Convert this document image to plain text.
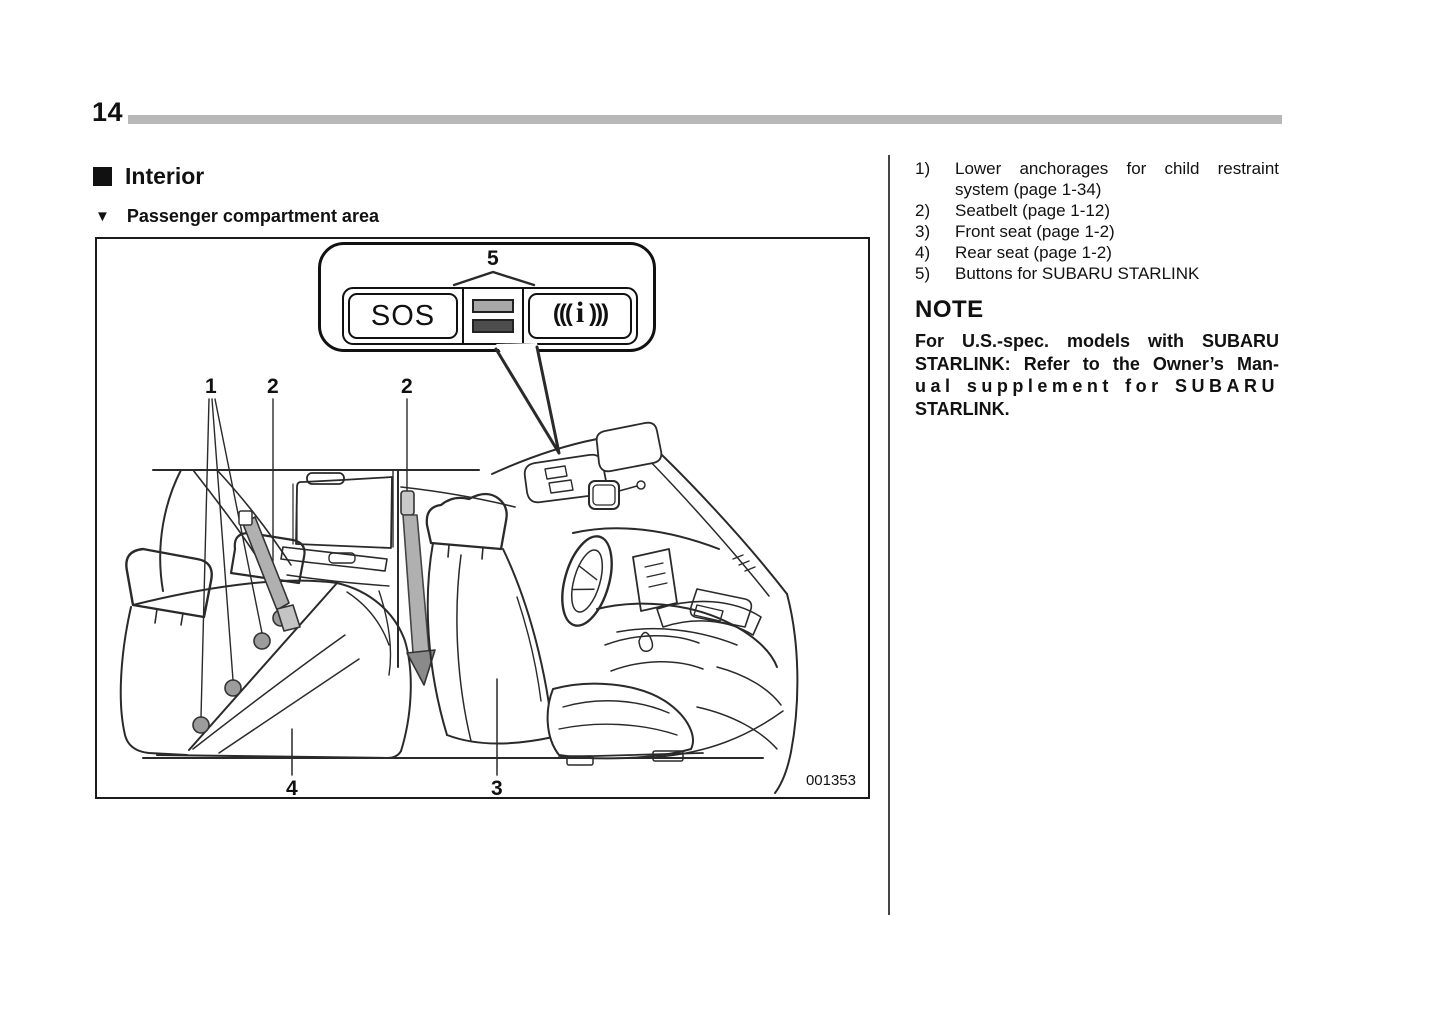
14
Interior
▼ Passenger compartment area
SOS	((( i )))
1 2	2
5
4	3	001353
1)	Lower anchorages for child restraint
system (page 1-34)
2)	Seatbelt (page 1-12)
3)	Front seat (page 1-2)
4)	Rear seat (page 1-2)
5)	Buttons for SUBARU STARLINK
NOTE
For U.S.-spec. models with SUBARU
STARLINK: Refer to the Owner’s Man-
ual supplement for SUBARU
STARLINK.
